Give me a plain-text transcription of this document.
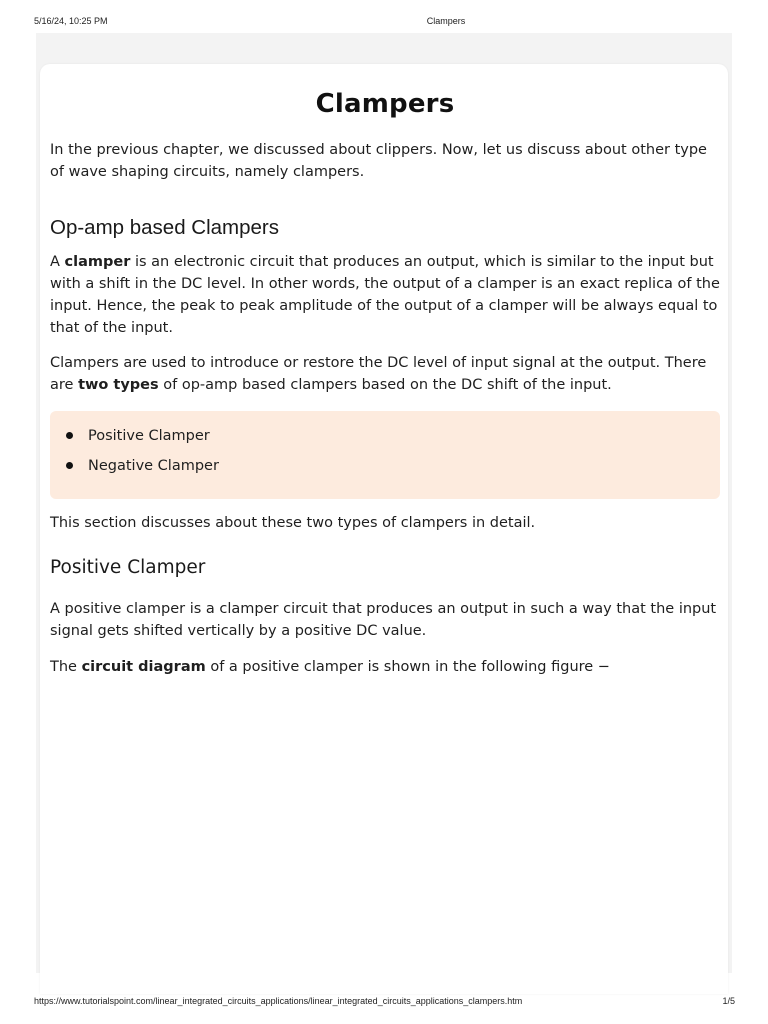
5/16/24, 10:25 PM	Clampers
Clampers

In the previous chapter, we discussed about clippers. Now, let us discuss about other type of wave shaping circuits, namely clampers.

Op-amp based Clampers

A clamper is an electronic circuit that produces an output, which is similar to the input but with a shift in the DC level. In other words, the output of a clamper is an exact replica of the input. Hence, the peak to peak amplitude of the output of a clamper will be always equal to that of the input.

Clampers are used to introduce or restore the DC level of input signal at the output. There are two types of op-amp based clampers based on the DC shift of the input.

Positive Clamper
Negative Clamper

This section discusses about these two types of clampers in detail.

Positive Clamper

A positive clamper is a clamper circuit that produces an output in such a way that the input signal gets shifted vertically by a positive DC value.

The circuit diagram of a positive clamper is shown in the following figure −

https://www.tutorialspoint.com/linear_integrated_circuits_applications/linear_integrated_circuits_applications_clampers.htm	1/5
